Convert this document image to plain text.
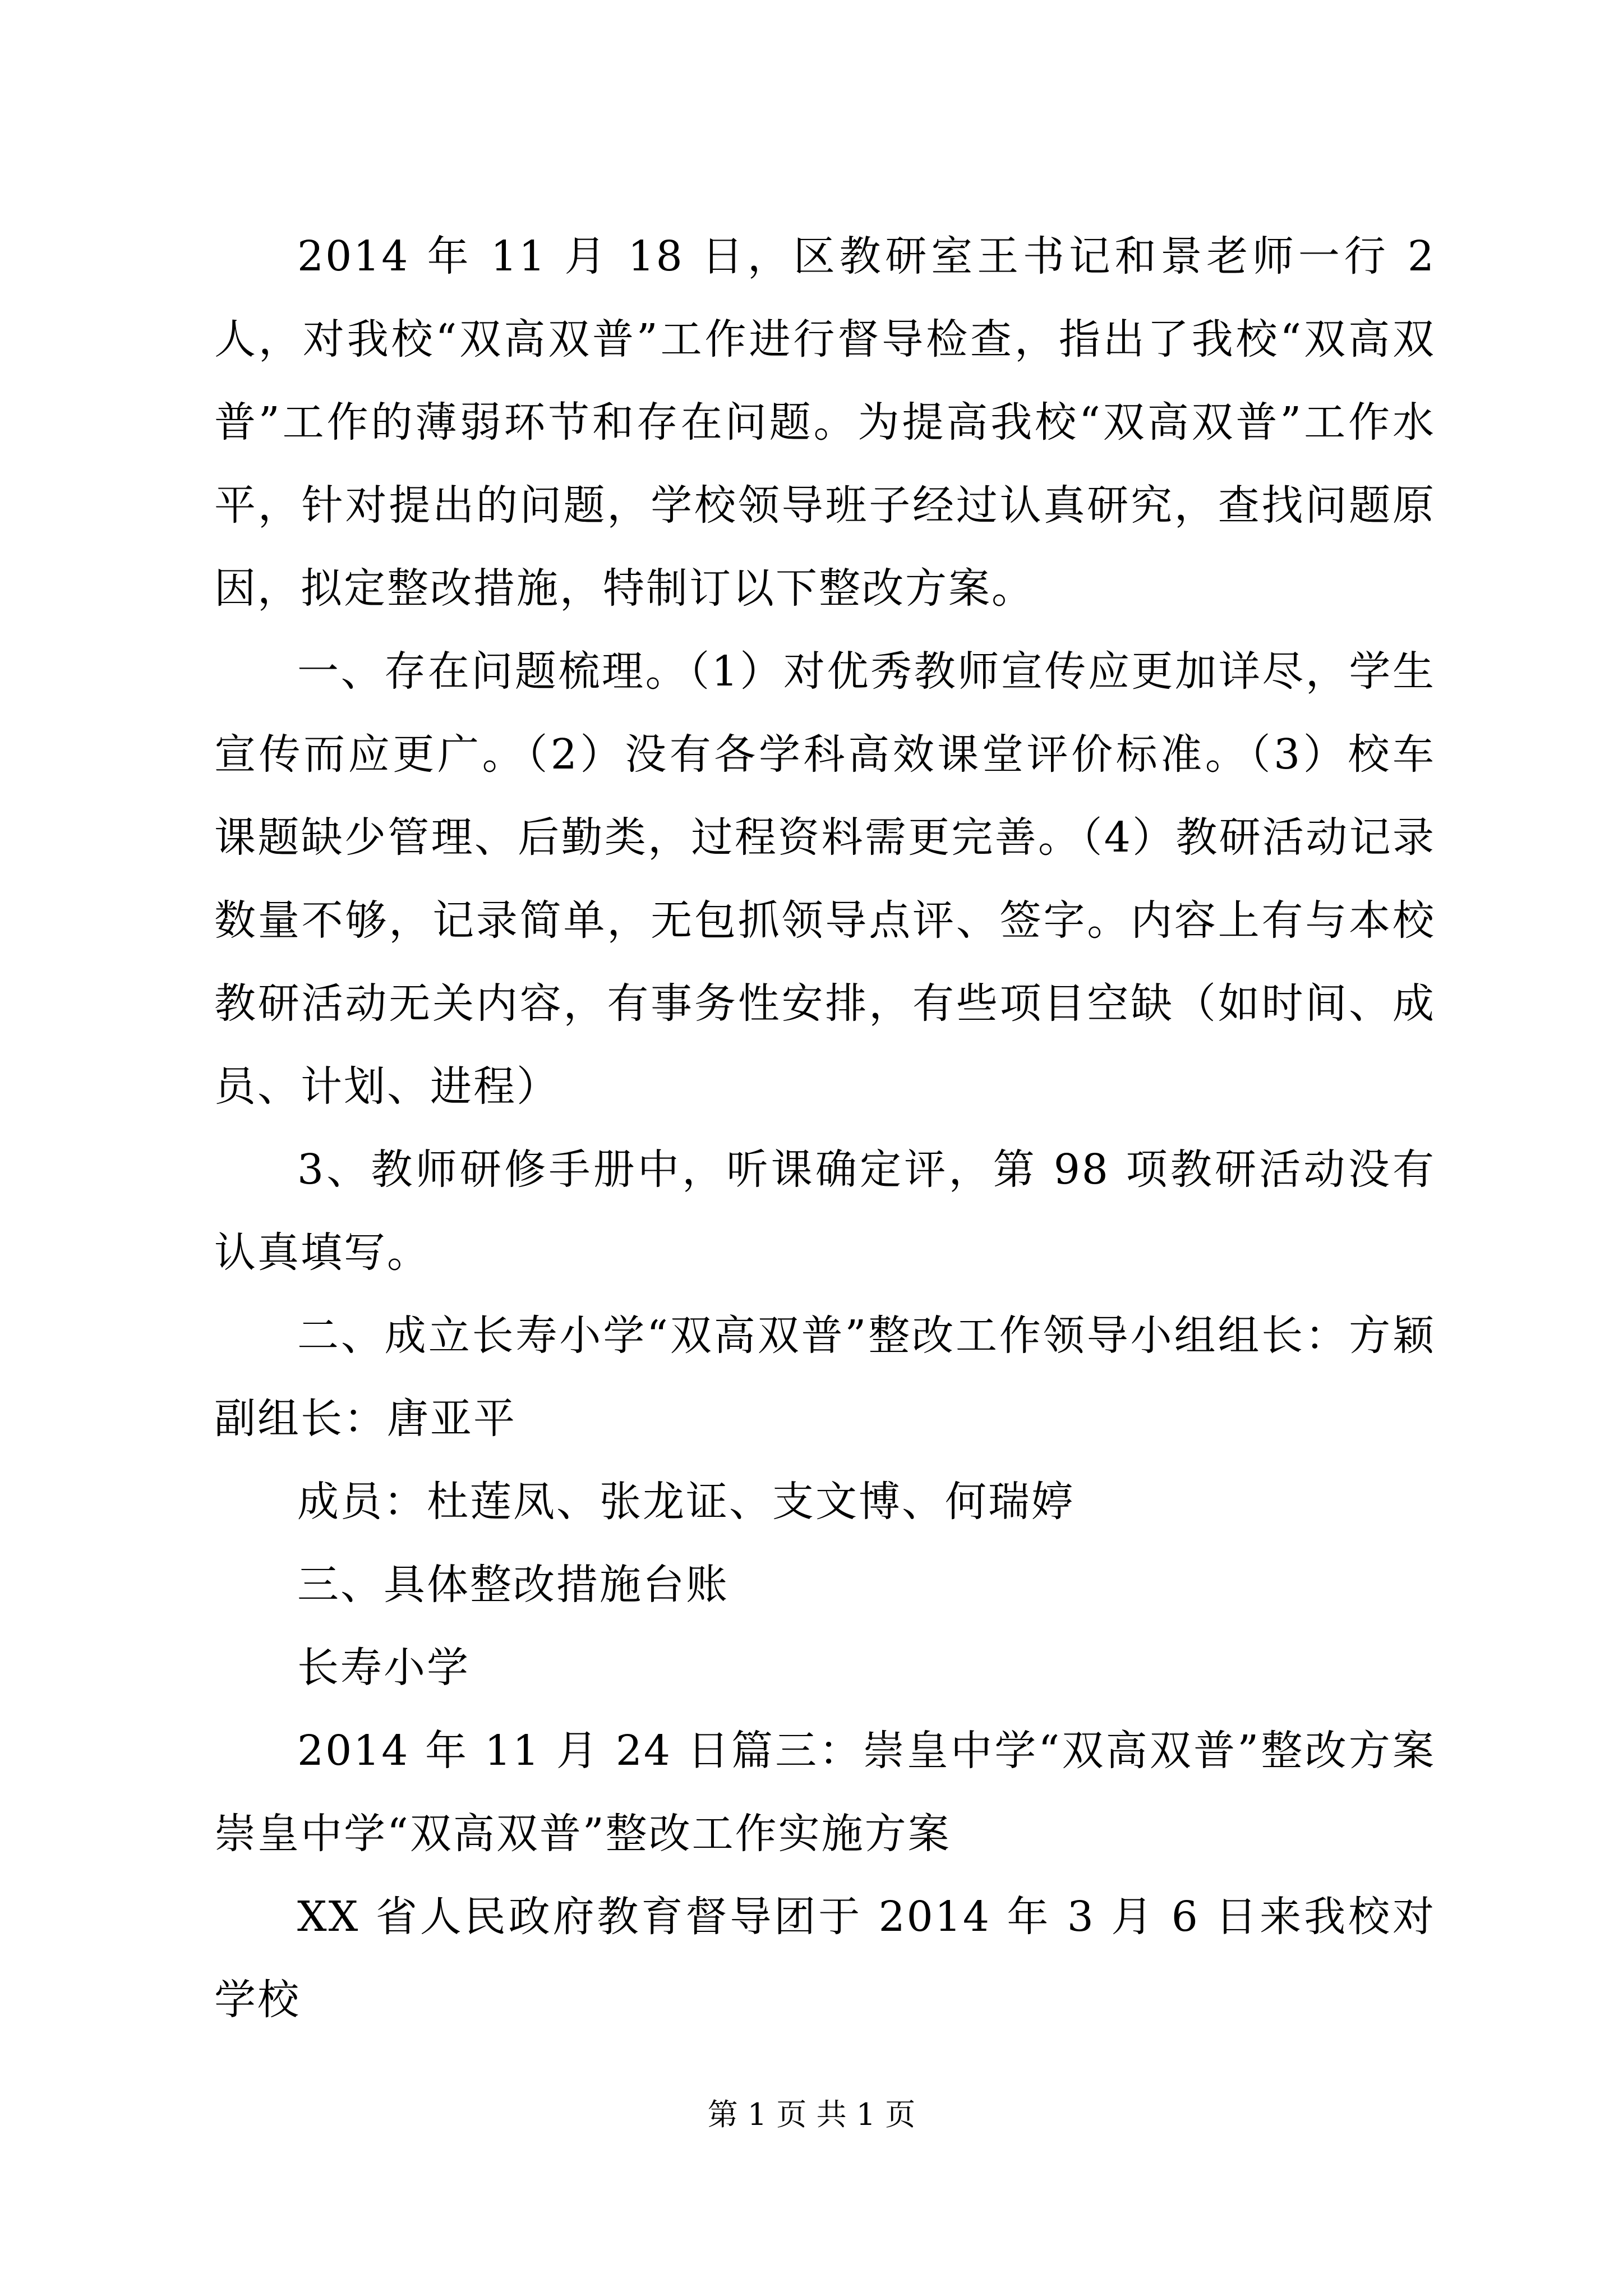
2014 年 11 月 18 日，区教研室王书记和景老师一行 2 人，对我校“双高双普”工作进行督导检查，指出了我校“双高双普”工作的薄弱环节和存在问题。为提高我校“双高双普”工作水平，针对提出的问题，学校领导班子经过认真研究，查找问题原因，拟定整改措施，特制订以下整改方案。

一、存在问题梳理。（1）对优秀教师宣传应更加详尽，学生宣传而应更广。（2）没有各学科高效课堂评价标准。（3）校车课题缺少管理、后勤类，过程资料需更完善。（4）教研活动记录数量不够，记录简单，无包抓领导点评、签字。内容上有与本校教研活动无关内容，有事务性安排，有些项目空缺（如时间、成员、计划、进程）

3、教师研修手册中，听课确定评，第 98 项教研活动没有认真填写。

二、成立长寿小学“双高双普”整改工作领导小组组长：方颖副组长：唐亚平

成员：杜莲凤、张龙证、支文博、何瑞婷

三、具体整改措施台账

长寿小学

2014 年 11 月 24 日篇三：崇皇中学“双高双普”整改方案崇皇中学“双高双普”整改工作实施方案

XX 省人民政府教育督导团于 2014 年 3 月 6 日来我校对学校

第 1 页 共 1 页
